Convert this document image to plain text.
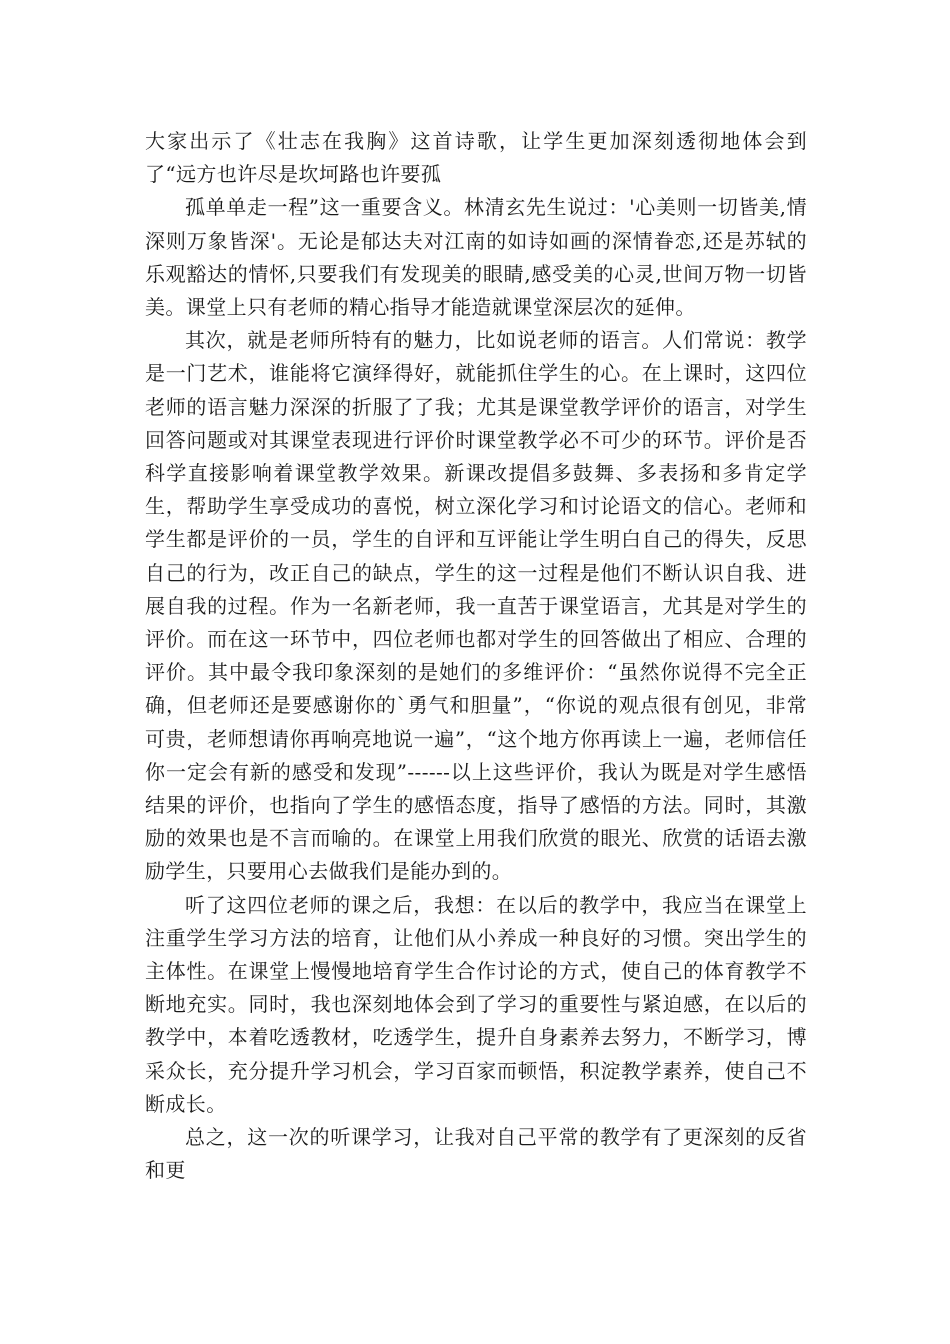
大家出示了《壮志在我胸》这首诗歌，让学生更加深刻透彻地体会到了“远方也许尽是坎坷路也许要孤

孤单单走一程”这一重要含义。林清玄先生说过：'心美则一切皆美,情深则万象皆深'。无论是郁达夫对江南的如诗如画的深情眷恋,还是苏轼的乐观豁达的情怀,只要我们有发现美的眼睛,感受美的心灵,世间万物一切皆美。课堂上只有老师的精心指导才能造就课堂深层次的延伸。

其次，就是老师所特有的魅力，比如说老师的语言。人们常说：教学是一门艺术，谁能将它演绎得好，就能抓住学生的心。在上课时，这四位老师的语言魅力深深的折服了了我；尤其是课堂教学评价的语言，对学生回答问题或对其课堂表现进行评价时课堂教学必不可少的环节。评价是否科学直接影响着课堂教学效果。新课改提倡多鼓舞、多表扬和多肯定学生，帮助学生享受成功的喜悦，树立深化学习和讨论语文的信心。老师和学生都是评价的一员，学生的自评和互评能让学生明白自己的得失，反思自己的行为，改正自己的缺点，学生的这一过程是他们不断认识自我、进展自我的过程。作为一名新老师，我一直苦于课堂语言，尤其是对学生的评价。而在这一环节中，四位老师也都对学生的回答做出了相应、合理的评价。其中最令我印象深刻的是她们的多维评价：“虽然你说得不完全正确，但老师还是要感谢你的`勇气和胆量”，“你说的观点很有创见，非常可贵，老师想请你再响亮地说一遍”，“这个地方你再读上一遍，老师信任你一定会有新的感受和发现”------以上这些评价，我认为既是对学生感悟结果的评价，也指向了学生的感悟态度，指导了感悟的方法。同时，其激励的效果也是不言而喻的。在课堂上用我们欣赏的眼光、欣赏的话语去激励学生，只要用心去做我们是能办到的。

听了这四位老师的课之后，我想：在以后的教学中，我应当在课堂上注重学生学习方法的培育，让他们从小养成一种良好的习惯。突出学生的主体性。在课堂上慢慢地培育学生合作讨论的方式，使自己的体育教学不断地充实。同时，我也深刻地体会到了学习的重要性与紧迫感，在以后的教学中，本着吃透教材，吃透学生，提升自身素养去努力，不断学习，博采众长，充分提升学习机会，学习百家而顿悟，积淀教学素养，使自己不断成长。

总之，这一次的听课学习，让我对自己平常的教学有了更深刻的反省和更
